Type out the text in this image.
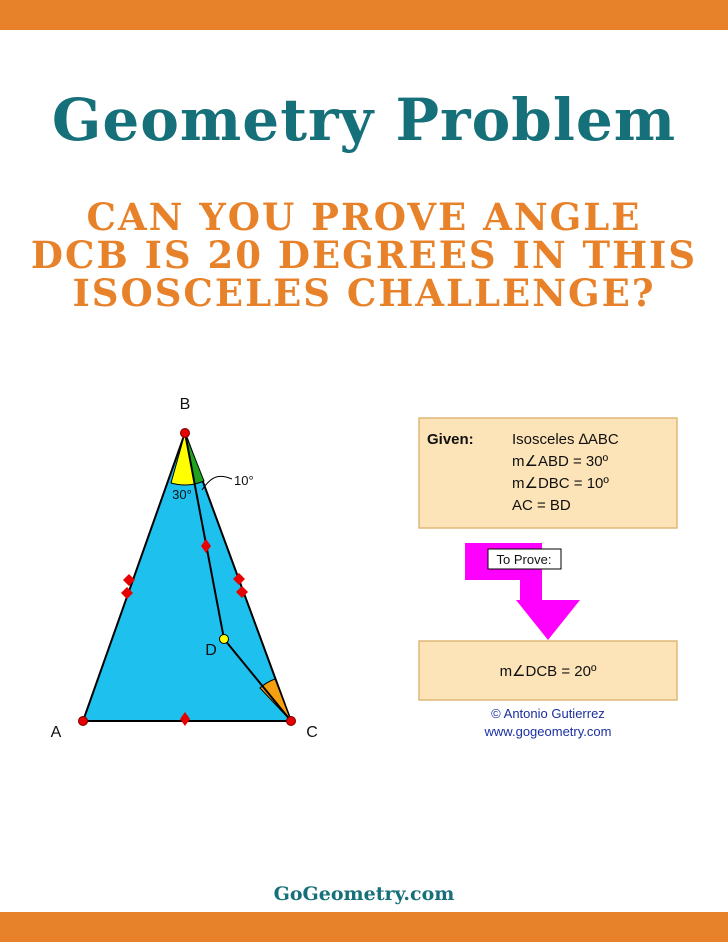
Geometry Problem
CAN YOU PROVE ANGLE
DCB IS 20 DEGREES IN THIS
ISOSCELES CHALLENGE?
B
A	C
D
30°
10°
Given:	Isosceles ∆ABC
m∠ABD = 30º
m∠DBC = 10º
AC = BD
To Prove:
m∠DCB = 20º
© Antonio Gutierrez
www.gogeometry.com
GoGeometry.com
